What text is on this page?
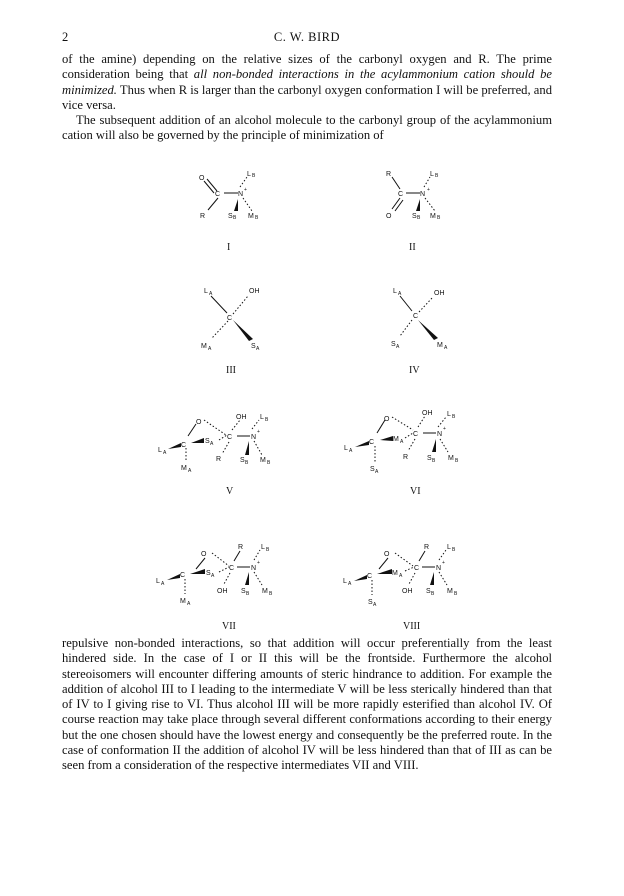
2	C. W. BIRD
of the amine) depending on the relative sizes of the carbonyl oxygen and R. The prime consideration being that all non-bonded interactions in the acylammonium cation should be minimized. Thus when R is larger than the carbonyl oxygen conformation I will be preferred, and vice versa.
The subsequent addition of an alcohol molecule to the carbonyl group of the acylammonium cation will also be governed by the principle of minimization of
O
C	N
+
L B
R	S B M B
I
R
C N
+
L B
O	S B M B
II
L A	OH
C
M A	S A
III
L A	OH
C
S A	M A
IV
O
OH L B
L A
C
S A
C	N
+
R	S B M B
M A
V
O
OH L B
L A
C	M A
C	N
+
R	S B M B
S A
VI
O
R	L B
L A
C	S A
C N
+
OH S B M B
M A
VII
O
R	L B
L A
C	M A
C N
+
OH S B M B
S A
VIII
repulsive non-bonded interactions, so that addition will occur preferentially from the least hindered side. In the case of I or II this will be the frontside. Furthermore the alcohol stereoisomers will encounter differing amounts of steric hindrance to addition. For example the addition of alcohol III to I leading to the intermediate V will be less sterically hindered than that of IV to I giving rise to VI. Thus alcohol III will be more rapidly esterified than alcohol IV. Of course reaction may take place through several different conformations according to their energy but the one chosen should have the lowest energy and consequently be the preferred route. In the case of conformation II the addition of alcohol IV will be less hindered than that of III as can be seen from a consideration of the respective intermediates VII and VIII.
